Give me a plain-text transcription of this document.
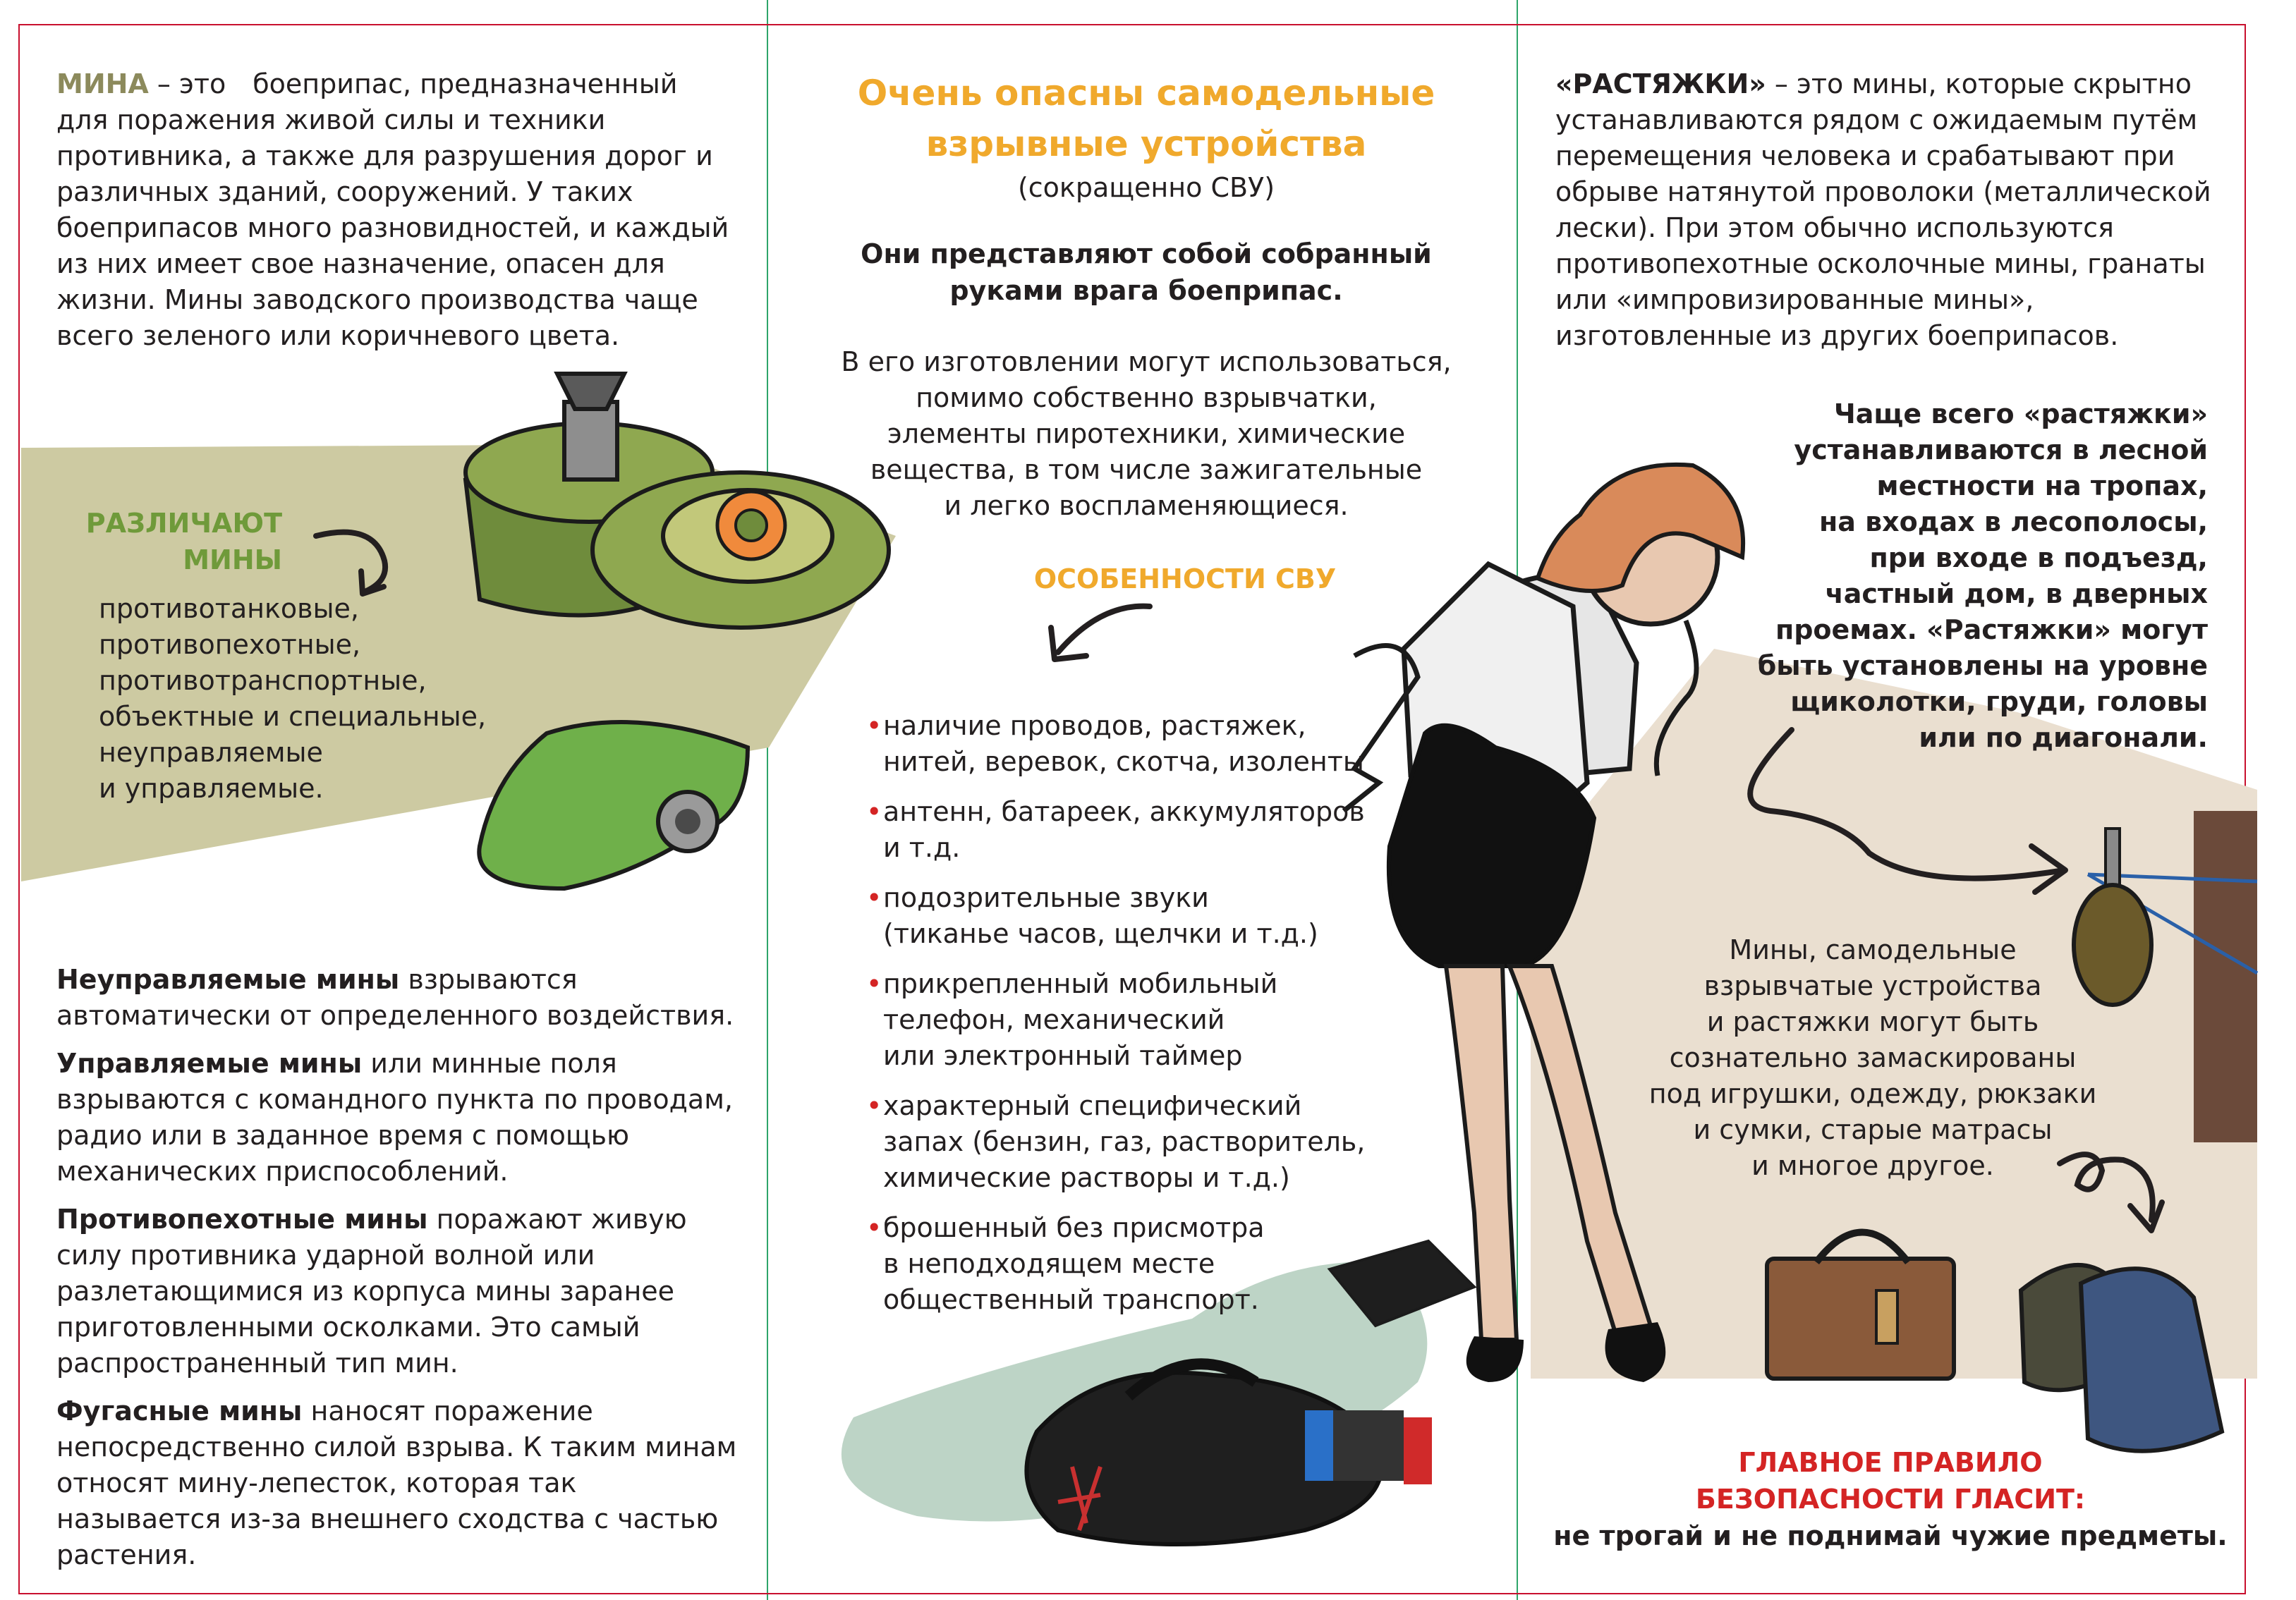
МИНА – это боеприпас, предназначенный для поражения живой силы и техники противника, а также для разрушения дорог и различных зданий, сооружений. У таких боеприпасов много разновидностей, и каждый из них имеет свое назначение, опасен для жизни. Мины заводского производства чаще всего зеленого или коричневого цвета.
РАЗЛИЧАЮТ
МИНЫ
противотанковые,
противопехотные,
противотранспортные,
объектные и специальные,
неуправляемые
и управляемые.

Неуправляемые мины взрываются автоматически от определенного воздействия.

Управляемые мины или минные поля взрываются с командного пункта по проводам, радио или в заданное время с помощью механических приспособлений.

Противопехотные мины поражают живую силу противника ударной волной или разлетающимися из корпуса мины заранее приготовленными осколками. Это самый распространенный тип мин.

Фугасные мины наносят поражение непосредственно силой взрыва. К таким минам относят мину-лепесток, которая так называется из-за внешнего сходства с частью растения.

Очень опасны самодельные
взрывные устройства
(сокращенно СВУ)
Они представляют собой собранный
руками врага боеприпас.
В его изготовлении могут использоваться,
помимо собственно взрывчатки,
элементы пиротехники, химические
вещества, в том числе зажигательные
и легко воспламеняющиеся.
ОСОБЕННОСТИ СВУ
• наличие проводов, растяжек,
нитей, веревок, скотча, изоленты
• антенн, батареек, аккумуляторов
и т.д.
• подозрительные звуки
(тиканье часов, щелчки и т.д.)
• прикрепленный мобильный
телефон, механический
или электронный таймер
• характерный специфический
запах (бензин, газ, растворитель,
химические растворы и т.д.)
• брошенный без присмотра
в неподходящем месте
общественный транспорт.
«РАСТЯЖКИ» – это мины, которые скрытно устанавливаются рядом с ожидаемым путём перемещения человека и срабатывают при обрыве натянутой проволоки (металлической лески). При этом обычно используются противопехотные осколочные мины, гранаты или «импровизированные мины», изготовленные из других боеприпасов.
Чаще всего «растяжки»
устанавливаются в лесной
местности на тропах,
на входах в лесополосы,
при входе в подъезд,
частный дом, в дверных
проемах. «Растяжки» могут
быть установлены на уровне
щиколотки, груди, головы
или по диагонали.
Мины, самодельные
взрывчатые устройства
и растяжки могут быть
сознательно замаскированы
под игрушки, одежду, рюкзаки
и сумки, старые матрасы
и многое другое.
ГЛАВНОЕ ПРАВИЛО
БЕЗОПАСНОСТИ ГЛАСИТ:
не трогай и не поднимай чужие предметы.
